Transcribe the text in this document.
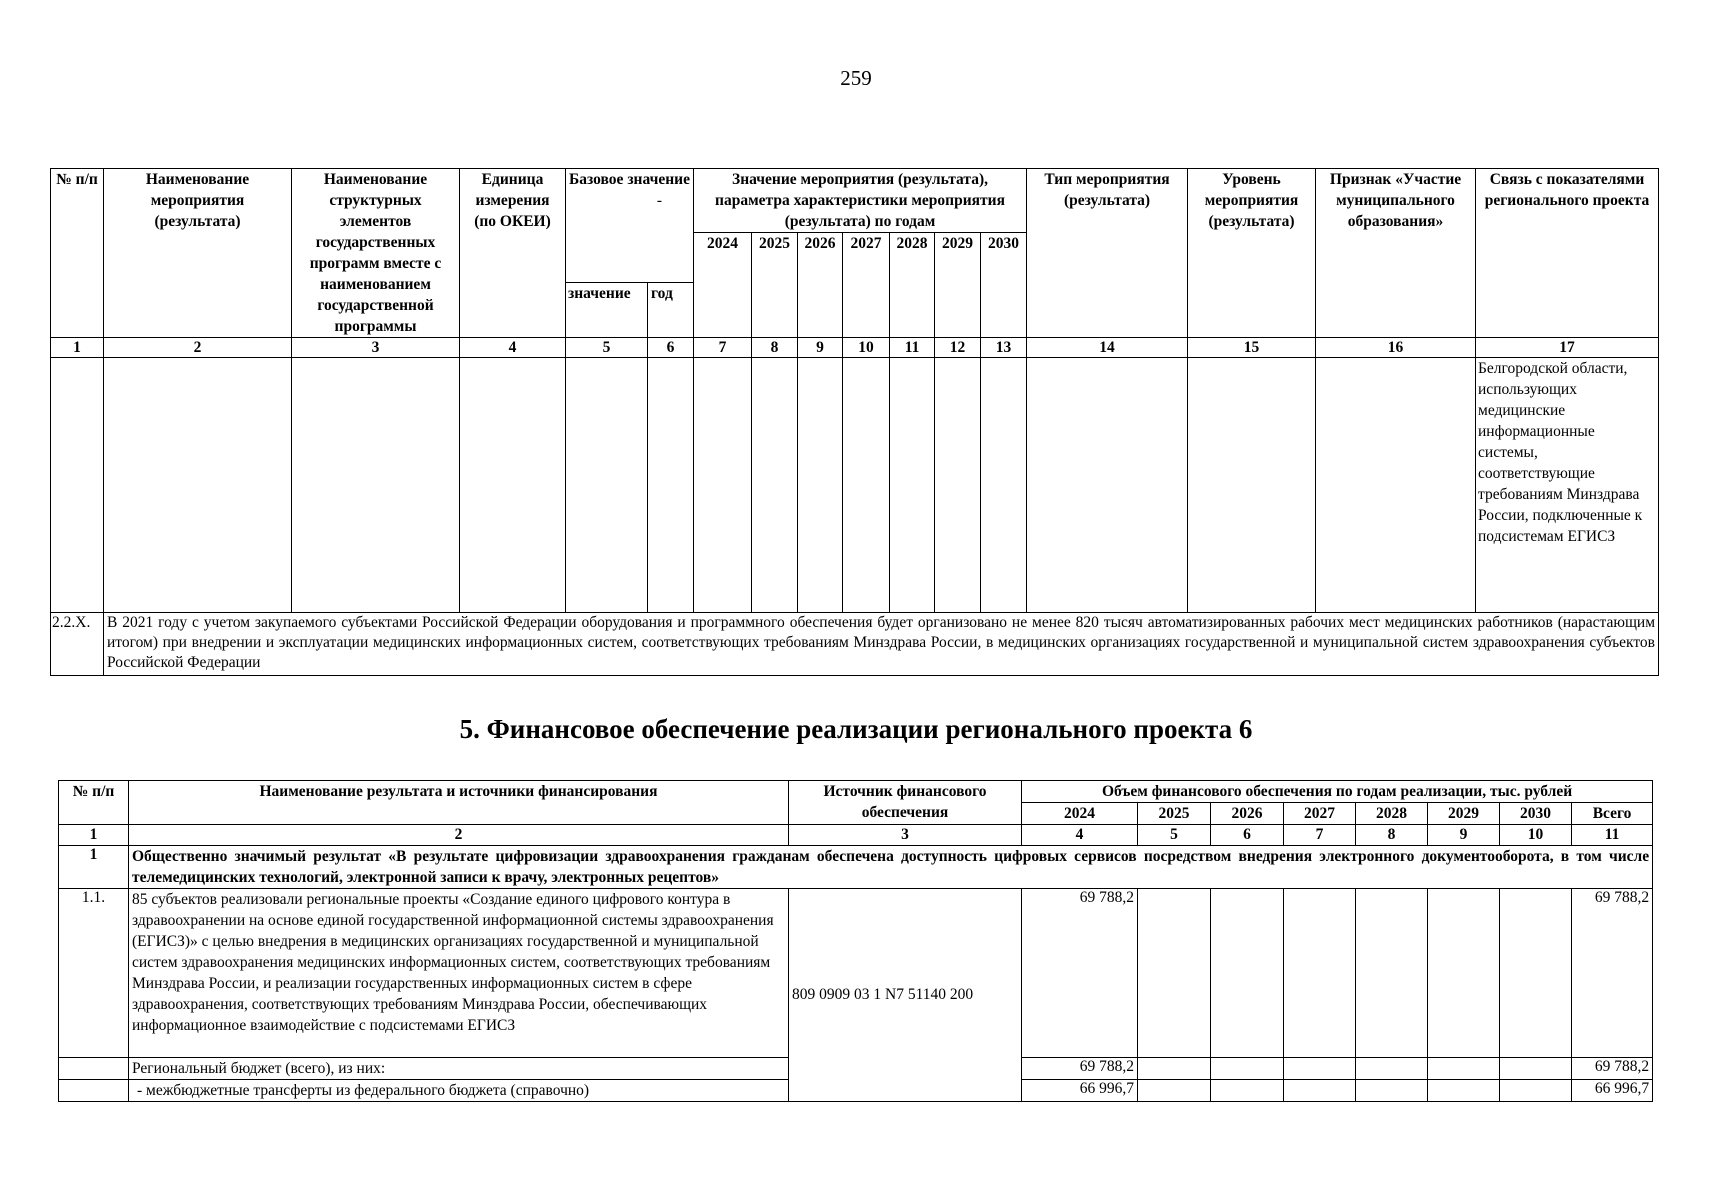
259
№ п/п	Наименование мероприятия (результата)	Наименование структурных элементов государственных программ вместе с наименованием государственной программы	Единица измерения (по ОКЕИ)	Базовое значение
-		Значение мероприятия (результата), параметра характеристики мероприятия (результата) по годам							Тип мероприятия (результата)	Уровень мероприятия (результата)	Признак «Участие муниципального образования»	Связь с показателями регионального проекта
						2024	2025	2026	2027	2028	2029	2030				
				значение	год											
1	2	3	4	5	6	7	8	9	10	11	12	13	14	15	16	17
																Белгородской области, использующих медицинские информационные системы, соответствующие требованиям Минздрава России, подключенные к подсистемам ЕГИСЗ
2.2.Х.	В 2021 году с учетом закупаемого субъектами Российской Федерации оборудования и программного обеспечения будет организовано не менее 820 тысяч автоматизированных рабочих мест медицинских работников (нарастающим итогом) при внедрении и эксплуатации медицинских информационных систем, соответствующих требованиям Минздрава России, в медицинских организациях государственной и муниципальной систем здравоохранения субъектов Российской Федерации															
5. Финансовое обеспечение реализации регионального проекта 6
№ п/п	Наименование результата и источники финансирования	Источник финансового обеспечения	Объем финансового обеспечения по годам реализации, тыс. рублей							
			2024	2025	2026	2027	2028	2029	2030	Всего
1	2	3	4	5	6	7	8	9	10	11
1	Общественно значимый результат «В результате цифровизации здравоохранения гражданам обеспечена доступность цифровых сервисов посредством внедрения электронного документооборота, в том числе телемедицинских технологий, электронной записи к врачу, электронных рецептов»									
1.1.	85 субъектов реализовали региональные проекты «Создание единого цифрового контура в здравоохранении на основе единой государственной информационной системы здравоохранения (ЕГИСЗ)» с целью внедрения в медицинских организациях государственной и муниципальной систем здравоохранения медицинских информационных систем, соответствующих требованиям Минздрава России, и реализации государственных информационных систем в сфере здравоохранения, соответствующих требованиям Минздрава России, обеспечивающих информационное взаимодействие с подсистемами ЕГИСЗ	809 0909 03 1 N7 51140 200	69 788,2							69 788,2
	Региональный бюджет (всего), из них:		69 788,2							69 788,2
	- межбюджетные трансферты из федерального бюджета (справочно)		66 996,7							66 996,7
